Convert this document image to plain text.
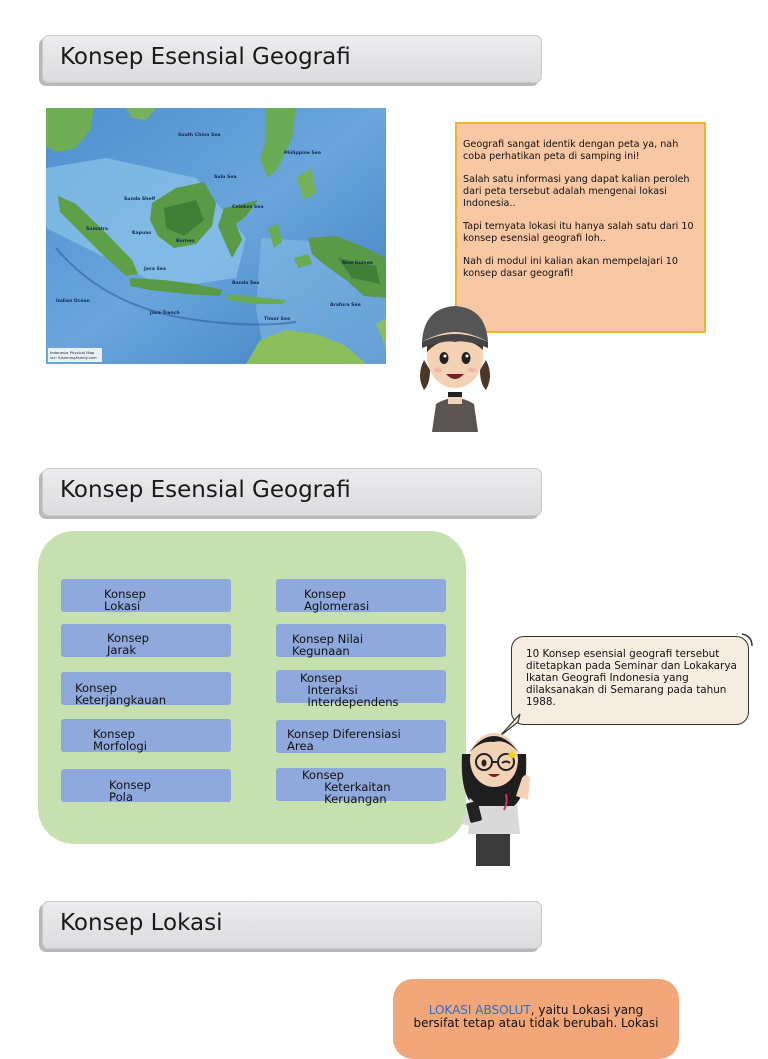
Konsep Esensial Geografi
South China Sea
Philippine Sea
Sulu Sea
Celebes Sea
Sunda Shelf
Kapuas
Sumatra
Borneo
Java Sea
Banda Sea
New Guinea
Indian Ocean
Java Trench
Timor Sea
Arafura Sea
Indonesia Physical Map
src: iLearningFamily.com

Geografi sangat identik dengan peta ya, nah coba perhatikan peta di samping ini!

Salah satu informasi yang dapat kalian peroleh dari peta tersebut adalah mengenai lokasi Indonesia..

Tapi ternyata lokasi itu hanya salah satu dari 10 konsep esensial geografi loh..

Nah di modul ini kalian akan mempelajari 10 konsep dasar geografi!

Konsep Esensial Geografi
Konsep
Lokasi
Konsep
Jarak
Konsep
Keterjangkauan
Konsep
Morfologi
Konsep
Pola
Konsep
Aglomerasi
Konsep Nilai
Kegunaan
Konsep
Interaksi
Interdependens
Konsep Diferensiasi
Area
Konsep
Keterkaitan
Keruangan
10 Konsep esensial geografi tersebut ditetapkan pada Seminar dan Lokakarya Ikatan Geografi Indonesia yang dilaksanakan di Semarang pada tahun 1988.
Konsep Lokasi
LOKASI ABSOLUT, yaitu Lokasi yang
bersifat tetap atau tidak berubah. Lokasi
